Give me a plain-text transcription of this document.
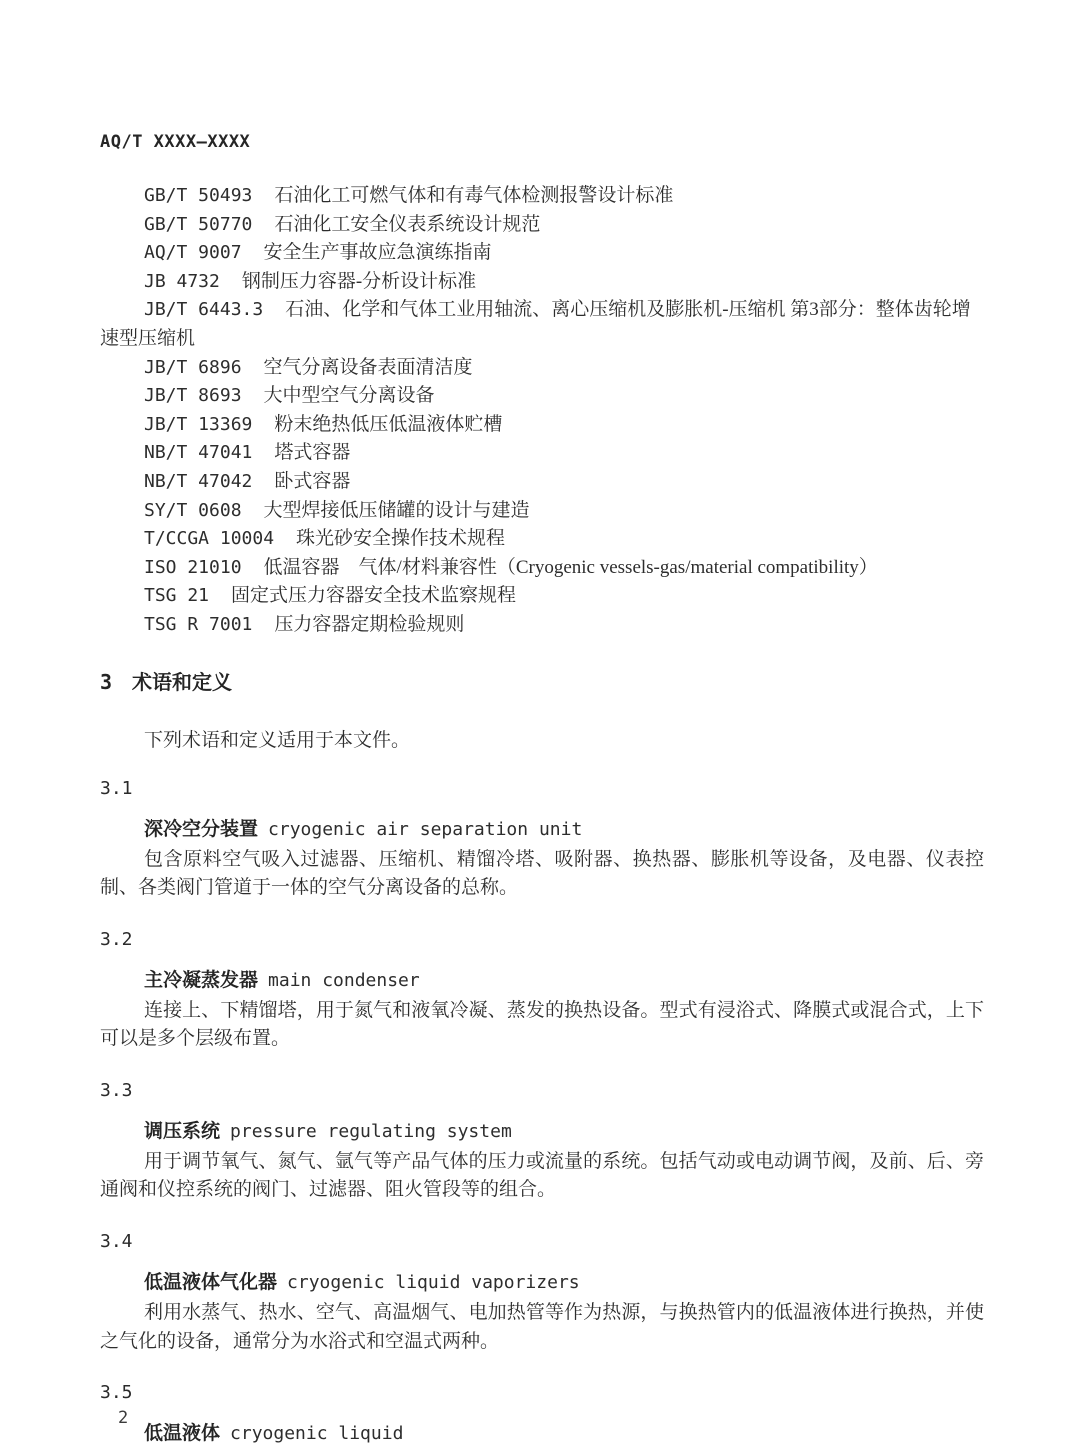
AQ/T XXXX—XXXX
GB/T 50493 石油化工可燃气体和有毒气体检测报警设计标准
GB/T 50770 石油化工安全仪表系统设计规范
AQ/T 9007 安全生产事故应急演练指南
JB 4732 钢制压力容器-分析设计标准
JB/T 6443.3 石油、化学和气体工业用轴流、离心压缩机及膨胀机-压缩机 第3部分：整体齿轮增速型压缩机
JB/T 6896 空气分离设备表面清洁度
JB/T 8693 大中型空气分离设备
JB/T 13369 粉末绝热低压低温液体贮槽
NB/T 47041 塔式容器
NB/T 47042 卧式容器
SY/T 0608 大型焊接低压储罐的设计与建造
T/CCGA 10004 珠光砂安全操作技术规程
ISO 21010 低温容器　气体/材料兼容性（Cryogenic vessels-gas/material compatibility）
TSG 21 固定式压力容器安全技术监察规程
TSG R 7001 压力容器定期检验规则
3 术语和定义

下列术语和定义适用于本文件。

3.1
深冷空分装置 cryogenic air separation unit

包含原料空气吸入过滤器、压缩机、精馏冷塔、吸附器、换热器、膨胀机等设备，及电器、仪表控制、各类阀门管道于一体的空气分离设备的总称。

3.2
主冷凝蒸发器 main condenser

连接上、下精馏塔，用于氮气和液氧冷凝、蒸发的换热设备。型式有浸浴式、降膜式或混合式，上下可以是多个层级布置。

3.3
调压系统 pressure regulating system

用于调节氧气、氮气、氩气等产品气体的压力或流量的系统。包括气动或电动调节阀，及前、后、旁通阀和仪控系统的阀门、过滤器、阻火管段等的组合。

3.4
低温液体气化器 cryogenic liquid vaporizers

利用水蒸气、热水、空气、高温烟气、电加热管等作为热源，与换热管内的低温液体进行换热，并使之气化的设备，通常分为水浴式和空温式两种。

3.5
低温液体 cryogenic liquid
2
